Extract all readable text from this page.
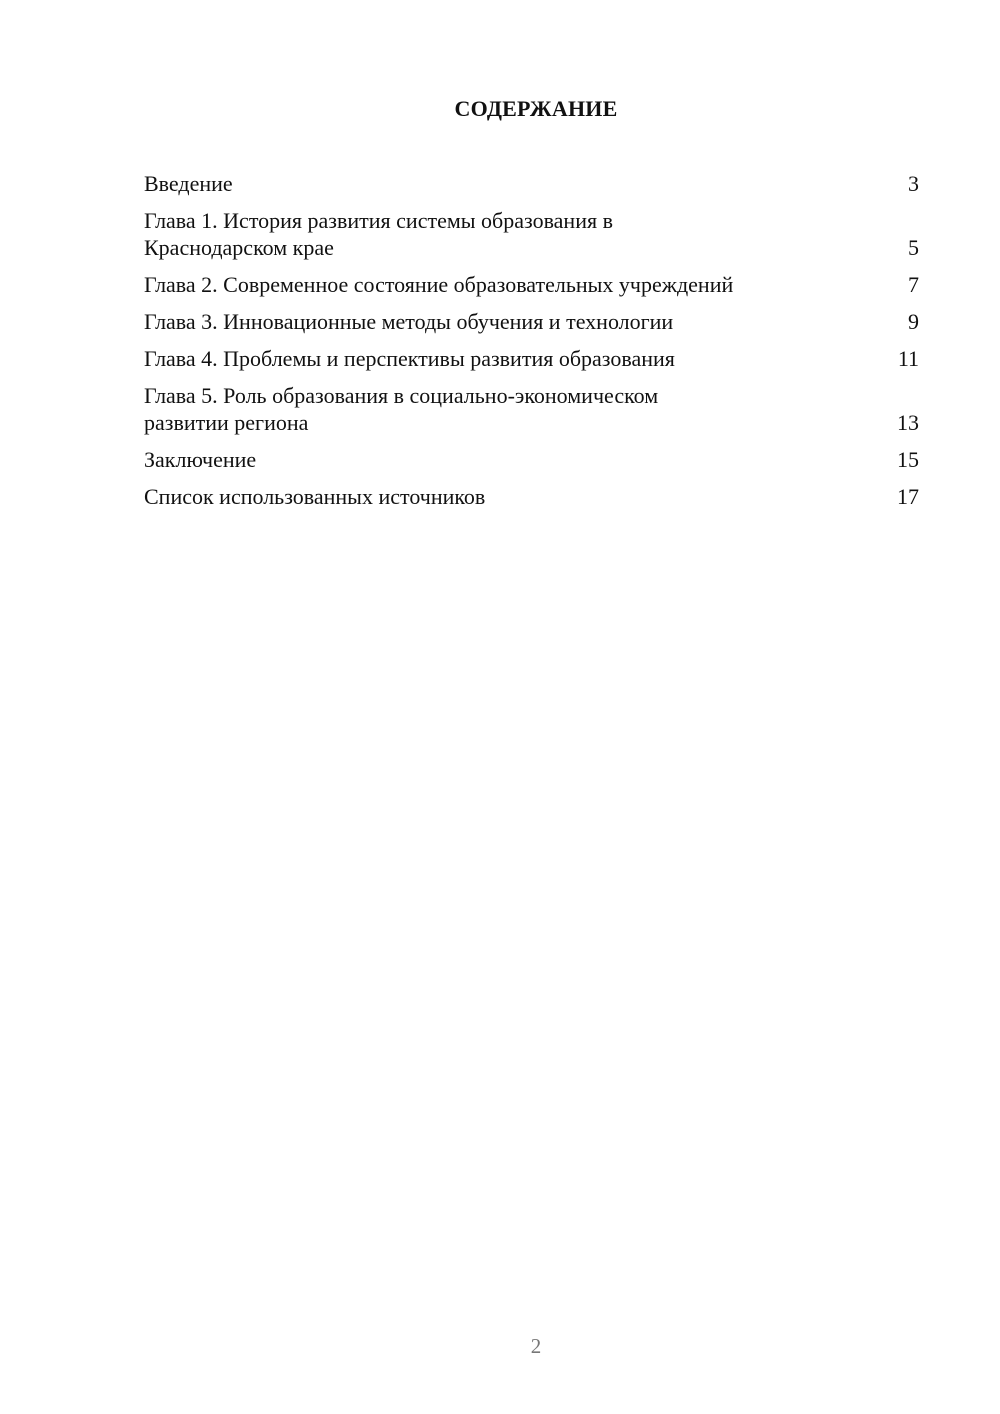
СОДЕРЖАНИЕ
Введение	3
Глава 1. История развития системы образования в
Краснодарском крае	5
Глава 2. Современное состояние образовательных учреждений	7
Глава 3. Инновационные методы обучения и технологии	9
Глава 4. Проблемы и перспективы развития образования	11
Глава 5. Роль образования в социально-экономическом
развитии региона	13
Заключение	15
Список использованных источников	17
2
